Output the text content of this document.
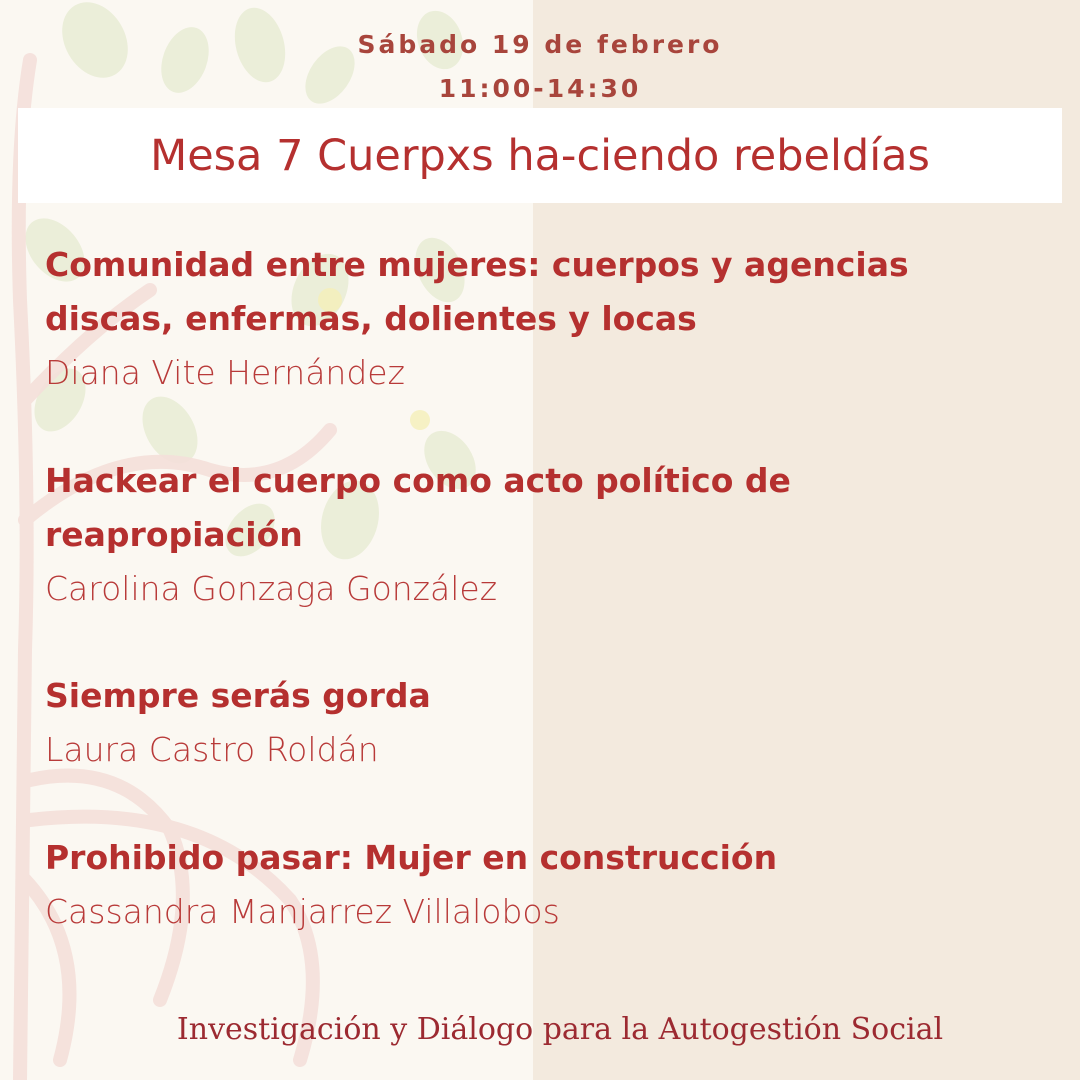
Sábado 19 de febrero
11:00-14:30
Mesa 7 Cuerpxs ha-ciendo rebeldías
Comunidad entre mujeres: cuerpos y agencias
discas, enfermas, dolientes y locas
Diana Vite Hernández
Hackear el cuerpo como acto político de
reapropiación
Carolina Gonzaga González
Siempre serás gorda
Laura Castro Roldán
Prohibido pasar: Mujer en construcción
Cassandra Manjarrez Villalobos
Investigación y Diálogo para la Autogestión Social
